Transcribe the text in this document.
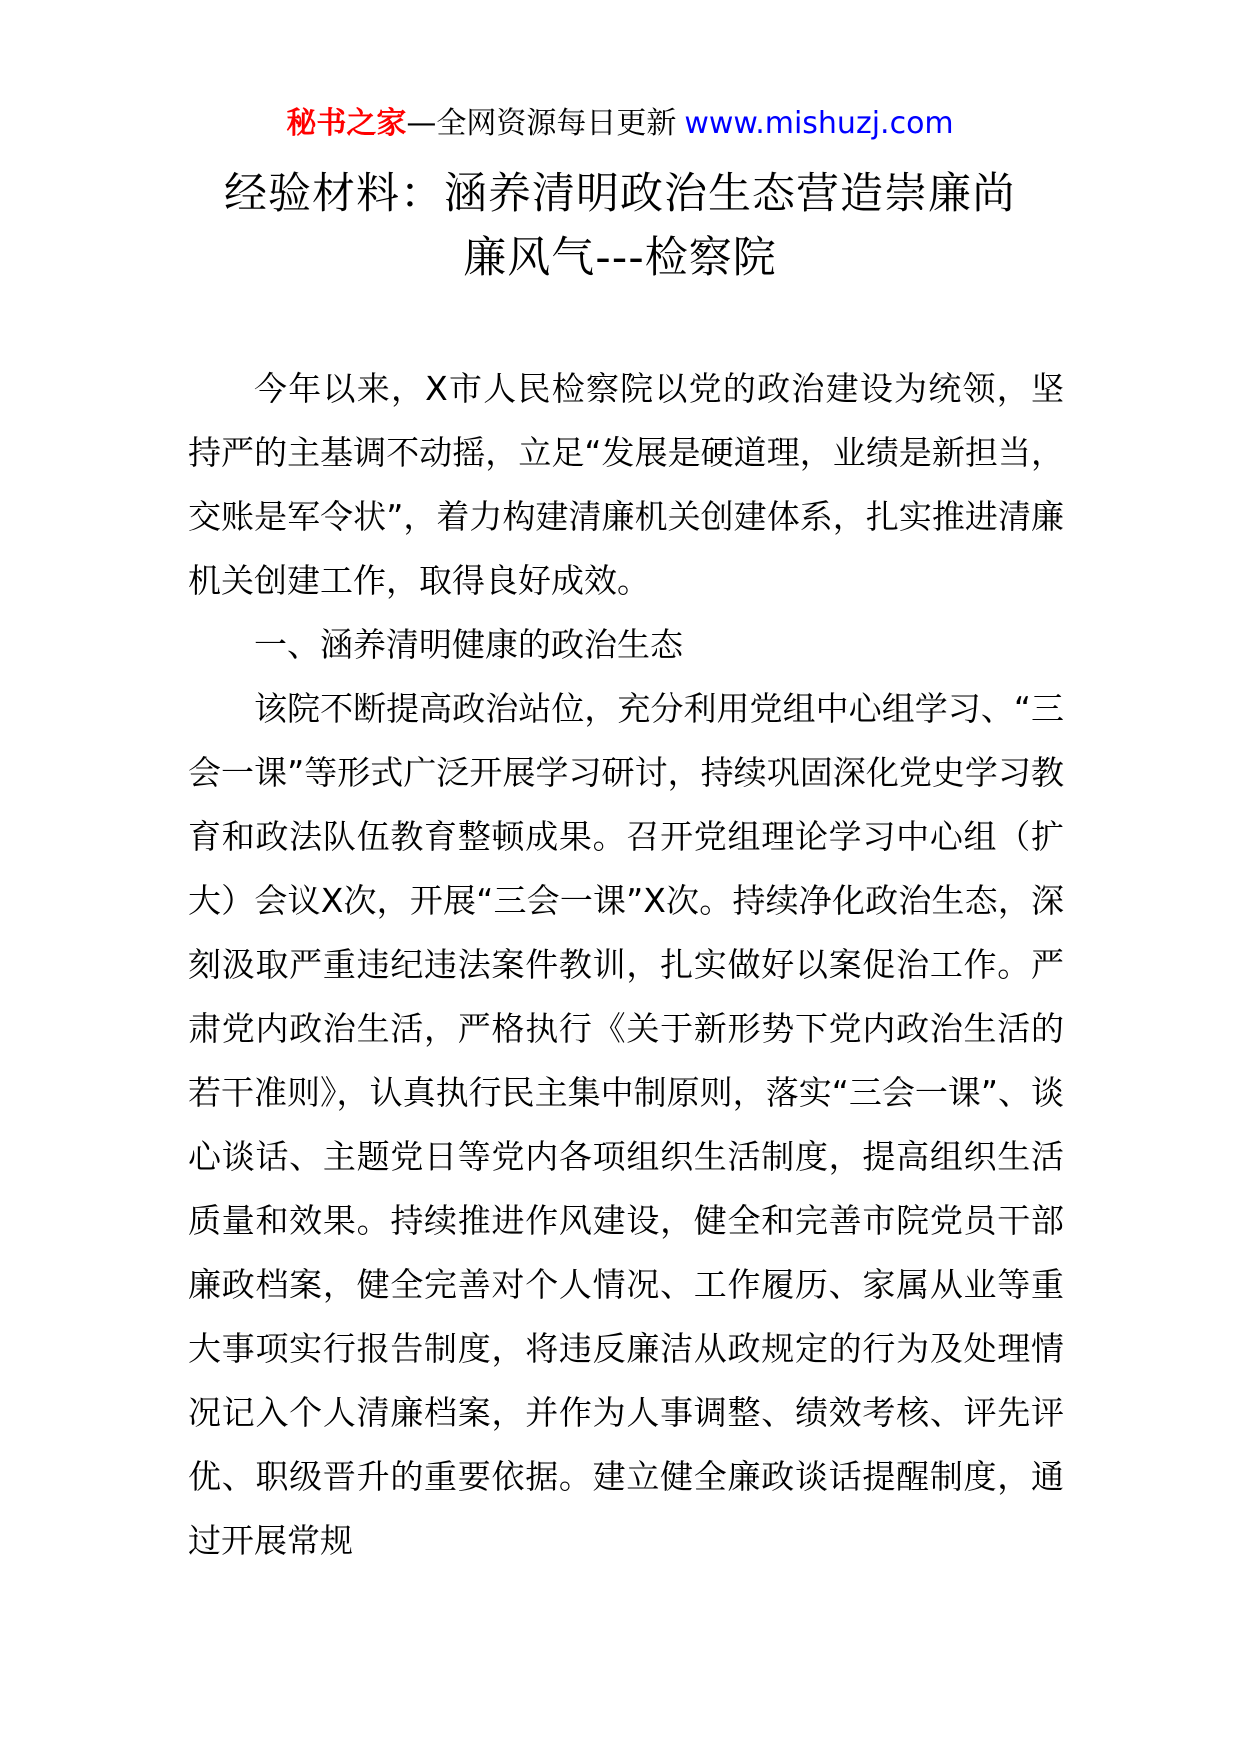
秘书之家—全网资源每日更新 www.mishuzj.com
经验材料：涵养清明政治生态营造崇廉尚
廉风气---检察院

今年以来，X市人民检察院以党的政治建设为统领，坚持严的主基调不动摇，立足“发展是硬道理，业绩是新担当，交账是军令状”，着力构建清廉机关创建体系，扎实推进清廉机关创建工作，取得良好成效。

一、涵养清明健康的政治生态

该院不断提高政治站位，充分利用党组中心组学习、“三会一课”等形式广泛开展学习研讨，持续巩固深化党史学习教育和政法队伍教育整顿成果。召开党组理论学习中心组（扩大）会议X次，开展“三会一课”X次。持续净化政治生态，深刻汲取严重违纪违法案件教训，扎实做好以案促治工作。严肃党内政治生活，严格执行《关于新形势下党内政治生活的若干准则》，认真执行民主集中制原则，落实“三会一课”、谈心谈话、主题党日等党内各项组织生活制度，提高组织生活质量和效果。持续推进作风建设，健全和完善市院党员干部廉政档案，健全完善对个人情况、工作履历、家属从业等重大事项实行报告制度，将违反廉洁从政规定的行为及处理情况记入个人清廉档案，并作为人事调整、绩效考核、评先评优、职级晋升的重要依据。建立健全廉政谈话提醒制度，通过开展常规
